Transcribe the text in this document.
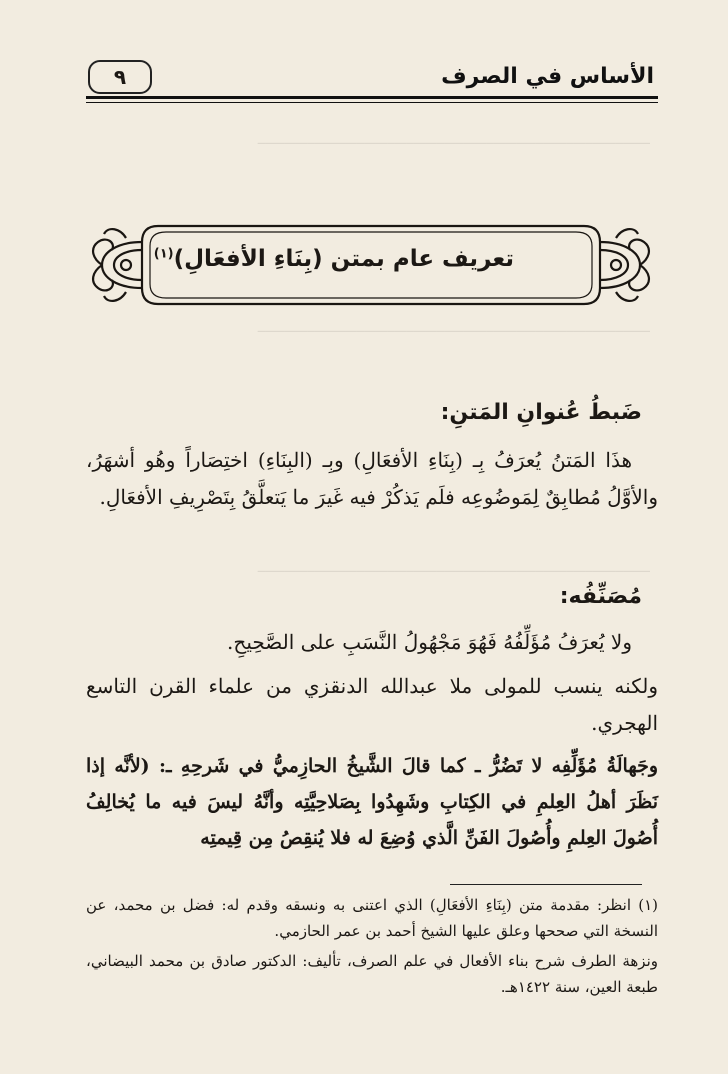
الأساس في الصرف
٩
ـــــــــــــــــــــــــــــــــــــــــــــــــــــــــــــــــــــــــــــــــــــــــــــــــــــــ
ـــــــــــــــــــــــــــــــــــــــــــــــــــــــــــــــــــــــــــــــــــــــــــــــــــــــ
ـــــــــــــــــــــــــــــــــــــــــــــــــــــــــــــــــــــــــــــــــــــــــــــــــــــــ
تعريف عام بمتن (بِنَاءِ الأفعَالِ)$^{(١)}$
ضَبطُ عُنوانِ المَتنِ:
هذَا المَتنُ يُعرَفُ بِـ (بِنَاءِ الأفعَالِ) وبِـ (البِنَاءِ) اختِصَاراً وهُو أشهَرُ، والأوَّلُ مُطابِقٌ لِمَوضُوعِه فلَم يَذكُرْ فيه غَيرَ ما يَتعلَّقُ بِتَصْرِيفِ الأفعَالِ.
مُصَنِّفُه:
ولا يُعرَفُ مُؤَلِّفُهُ فَهُوَ مَجْهُولُ النَّسَبِ على الصَّحِيحِ.
ولكنه ينسب للمولى ملا عبدالله الدنقزي من علماء القرن التاسع الهجري.
وجَهالَةُ مُؤَلِّفِه لا تَضُرُّ ـ كما قالَ الشَّيخُ الحازِميُّ في شَرحِهِ ـ: (لأنَّه إذا نَظَرَ أهلُ العِلمِ في الكِتابِ وشَهِدُوا بِصَلاحِيَّتِه وأنَّهُ ليسَ فيه ما يُخالِفُ أُصُولَ العِلمِ وأُصُولَ الفَنِّ الَّذي وُضِعَ له فلا يُنقِصُ مِن قِيمتِه
(١) انظر: مقدمة متن (بِنَاءِ الأفعَالِ) الذي اعتنى به ونسقه وقدم له: فضل بن محمد، عن النسخة التي صححها وعلق عليها الشيخ أحمد بن عمر الحازمي.
ونزهة الطرف شرح بناء الأفعال في علم الصرف، تأليف: الدكتور صادق بن محمد البيضاني، طبعة العين، سنة ١٤٢٢هـ.
